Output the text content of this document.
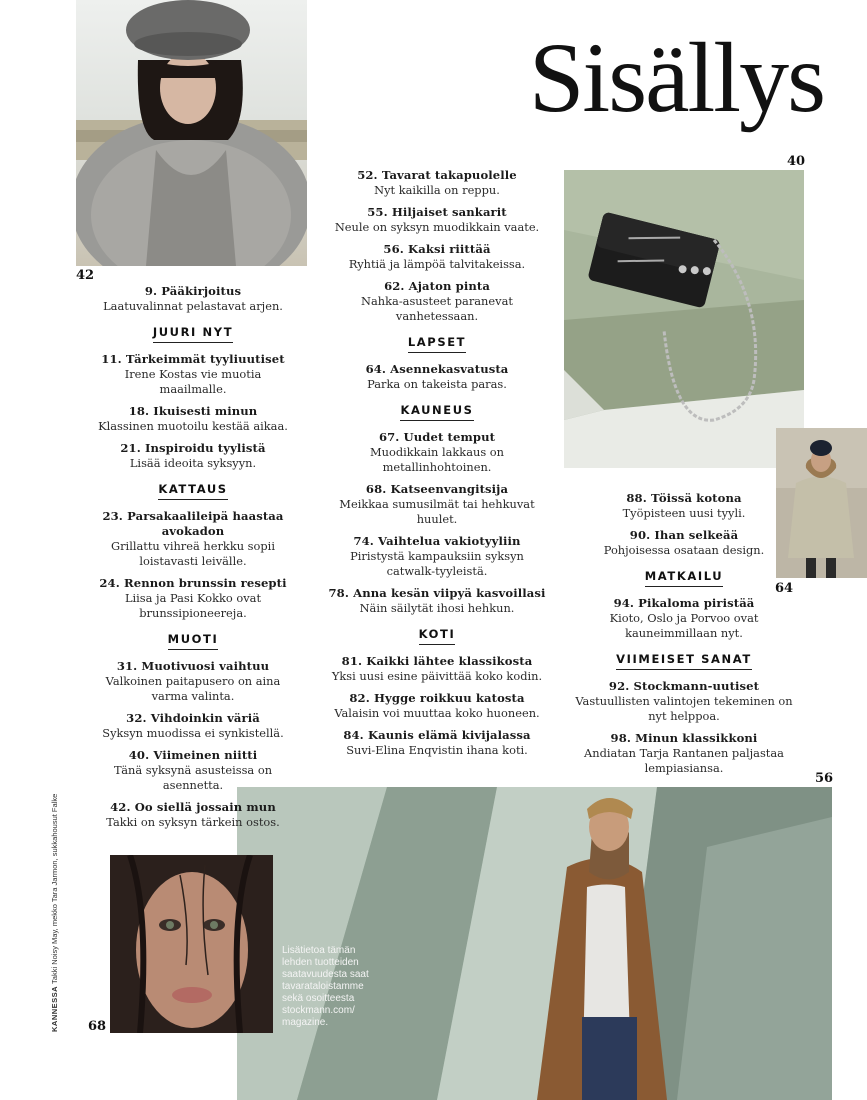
Sisällys
42
40
64
56
68
9. Pääkirjoitus
Laatuvalinnat pelastavat arjen.
JUURI NYT
11. Tärkeimmät tyyliuutiset
Irene Kostas vie muotia maailmalle.
18. Ikuisesti minun
Klassinen muotoilu kestää aikaa.
21. Inspiroidu tyylistä
Lisää ideoita syksyyn.
KATTAUS
23. Parsakaalileipä haastaa avokadon
Grillattu vihreä herkku sopii loistavasti leivälle.
24. Rennon brunssin resepti
Liisa ja Pasi Kokko ovat brunssipioneereja.
MUOTI
31. Muotivuosi vaihtuu
Valkoinen paitapusero on aina varma valinta.
32. Vihdoinkin väriä
Syksyn muodissa ei synkistellä.
40. Viimeinen niitti
Tänä syksynä asusteissa on asennetta.
42. Oo siellä jossain mun
Takki on syksyn tärkein ostos.
52. Tavarat takapuolelle
Nyt kaikilla on reppu.
55. Hiljaiset sankarit
Neule on syksyn muodikkain vaate.
56. Kaksi riittää
Ryhtiä ja lämpöä talvitakeissa.
62. Ajaton pinta
Nahka-asusteet paranevat vanhetessaan.
LAPSET
64. Asennekasvatusta
Parka on takeista paras.
KAUNEUS
67. Uudet temput
Muodikkain lakkaus on metallinhohtoinen.
68. Katseenvangitsija
Meikkaa sumusilmät tai hehkuvat huulet.
74. Vaihtelua vakiotyyliin
Piristystä kampauksiin syksyn catwalk-tyyleistä.
78. Anna kesän viipyä kasvoillasi
Näin säilytät ihosi hehkun.
KOTI
81. Kaikki lähtee klassikosta
Yksi uusi esine päivittää koko kodin.
82. Hygge roikkuu katosta
Valaisin voi muuttaa koko huoneen.
84. Kaunis elämä kivijalassa
Suvi-Elina Enqvistin ihana koti.
88. Töissä kotona
Työpisteen uusi tyyli.
90. Ihan selkeää
Pohjoisessa osataan design.
MATKAILU
94. Pikaloma piristää
Kioto, Oslo ja Porvoo ovat kauneimmillaan nyt.
VIIMEISET SANAT
92. Stockmann-uutiset
Vastuullisten valintojen tekeminen on nyt helppoa.
98. Minun klassikkoni
Andiatan Tarja Rantanen paljastaa lempiasiansa.
KANNESSA Takki Noisy May, mekko Tara Jarmon, sukkahousut Falke	Lisätietoa tämän lehden tuotteiden saatavuudesta saat tavarataloistamme sekä osoitteesta stockmann.com/ magazine.
